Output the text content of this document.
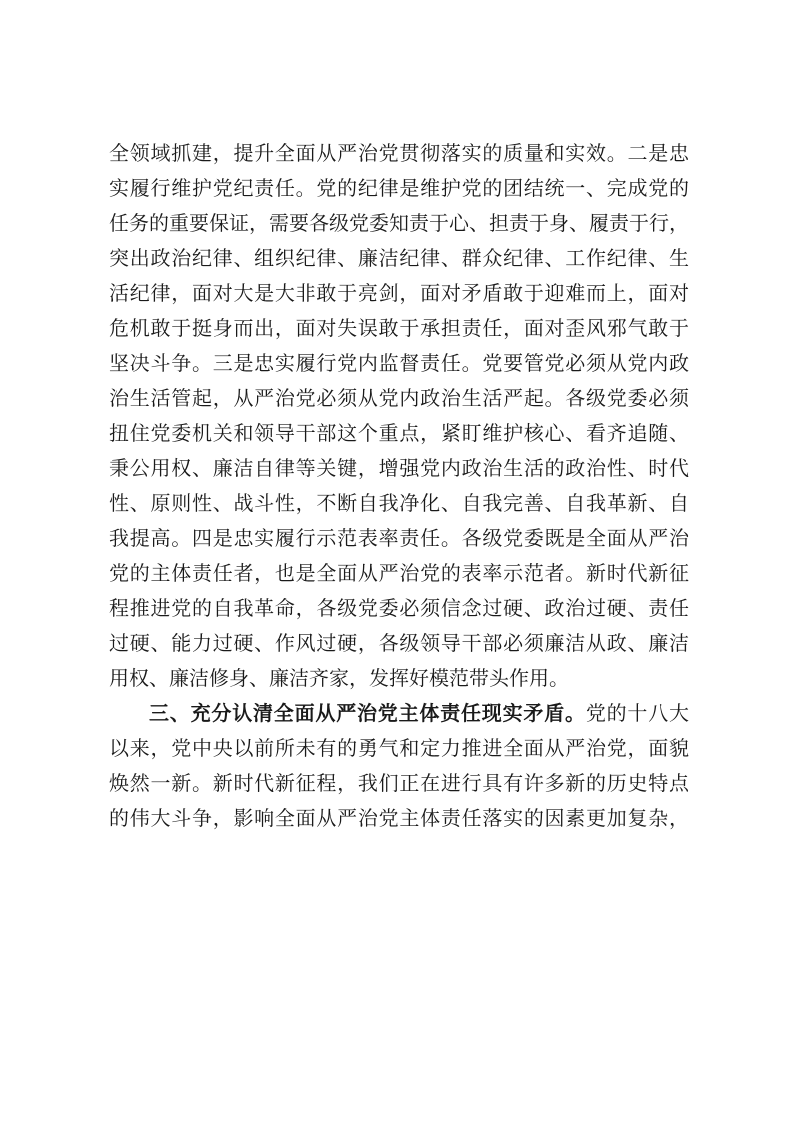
全领域抓建，提升全面从严治党贯彻落实的质量和实效。二是忠
实履行维护党纪责任。党的纪律是维护党的团结统一、完成党的
任务的重要保证，需要各级党委知责于心、担责于身、履责于行，
突出政治纪律、组织纪律、廉洁纪律、群众纪律、工作纪律、生
活纪律，面对大是大非敢于亮剑，面对矛盾敢于迎难而上，面对
危机敢于挺身而出，面对失误敢于承担责任，面对歪风邪气敢于
坚决斗争。三是忠实履行党内监督责任。党要管党必须从党内政
治生活管起，从严治党必须从党内政治生活严起。各级党委必须
扭住党委机关和领导干部这个重点，紧盯维护核心、看齐追随、
秉公用权、廉洁自律等关键，增强党内政治生活的政治性、时代
性、原则性、战斗性，不断自我净化、自我完善、自我革新、自
我提高。四是忠实履行示范表率责任。各级党委既是全面从严治
党的主体责任者，也是全面从严治党的表率示范者。新时代新征
程推进党的自我革命，各级党委必须信念过硬、政治过硬、责任
过硬、能力过硬、作风过硬，各级领导干部必须廉洁从政、廉洁
用权、廉洁修身、廉洁齐家，发挥好模范带头作用。
三、充分认清全面从严治党主体责任现实矛盾。党的十八大
以来，党中央以前所未有的勇气和定力推进全面从严治党，面貌
焕然一新。新时代新征程，我们正在进行具有许多新的历史特点
的伟大斗争，影响全面从严治党主体责任落实的因素更加复杂，
